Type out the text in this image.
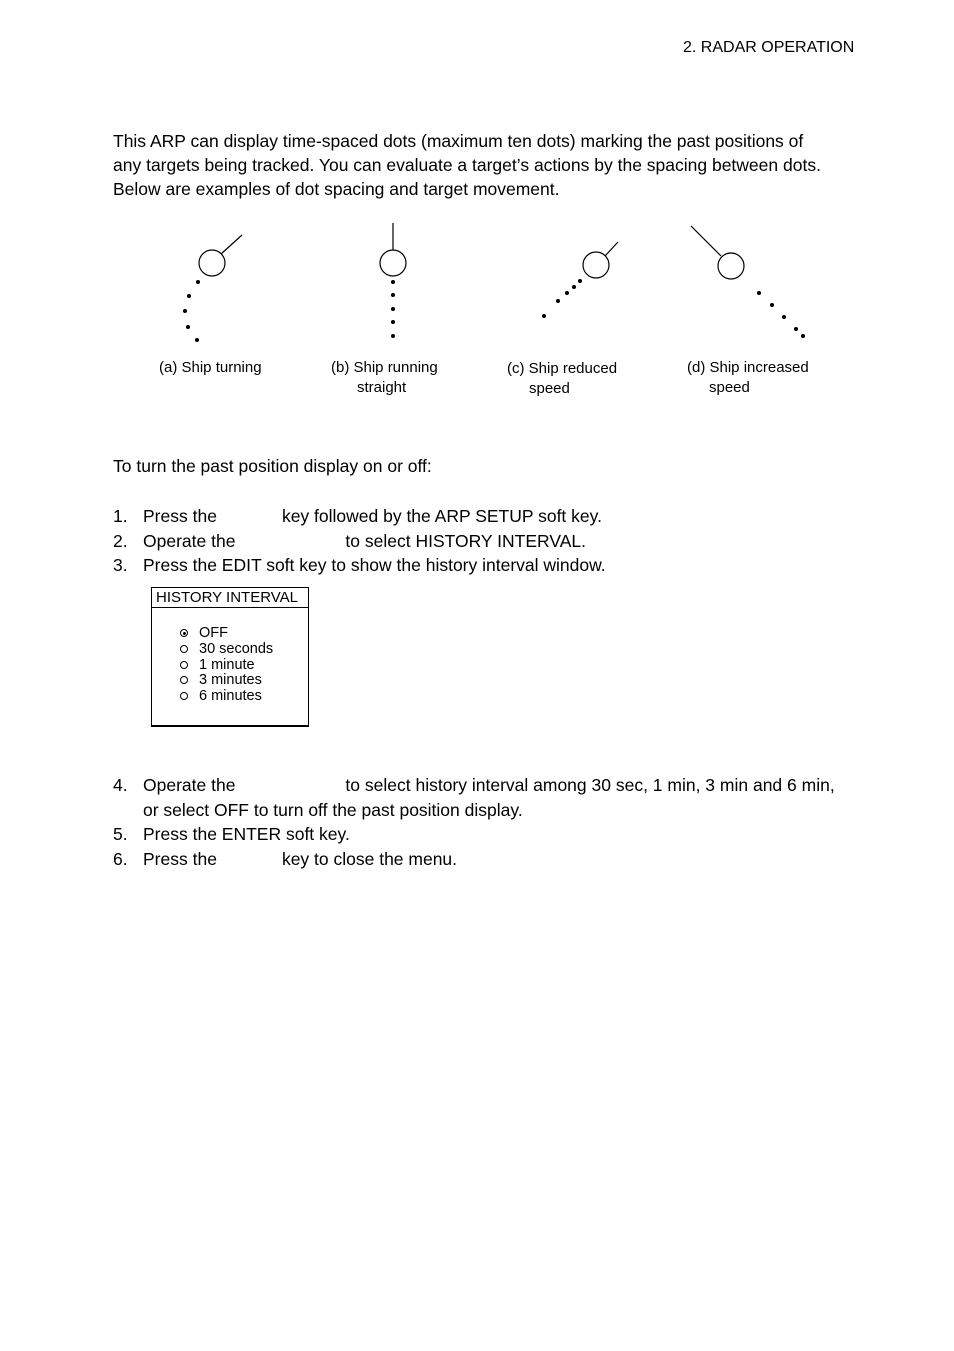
2. RADAR OPERATION

This ARP can display time-spaced dots (maximum ten dots) marking the past positions of

any targets being tracked. You can evaluate a target’s actions by the spacing between dots.

Below are examples of dot spacing and target movement.

(a) Ship turning	(b) Ship running
straight
(c) Ship reduced
speed
(d) Ship increased
speed
To turn the past position display on or off:
1. Press the	key followed by the ARP SETUP soft key.
2. Operate the	to select HISTORY INTERVAL.
3. Press the EDIT soft key to show the history interval window.
HISTORY INTERVAL
OFF
30 seconds
1 minute
3 minutes
6 minutes
4. Operate the	to select history interval among 30 sec, 1 min, 3 min and 6 min,
or select OFF to turn off the past position display.
5. Press the ENTER soft key.
6. Press the	key to close the menu.
